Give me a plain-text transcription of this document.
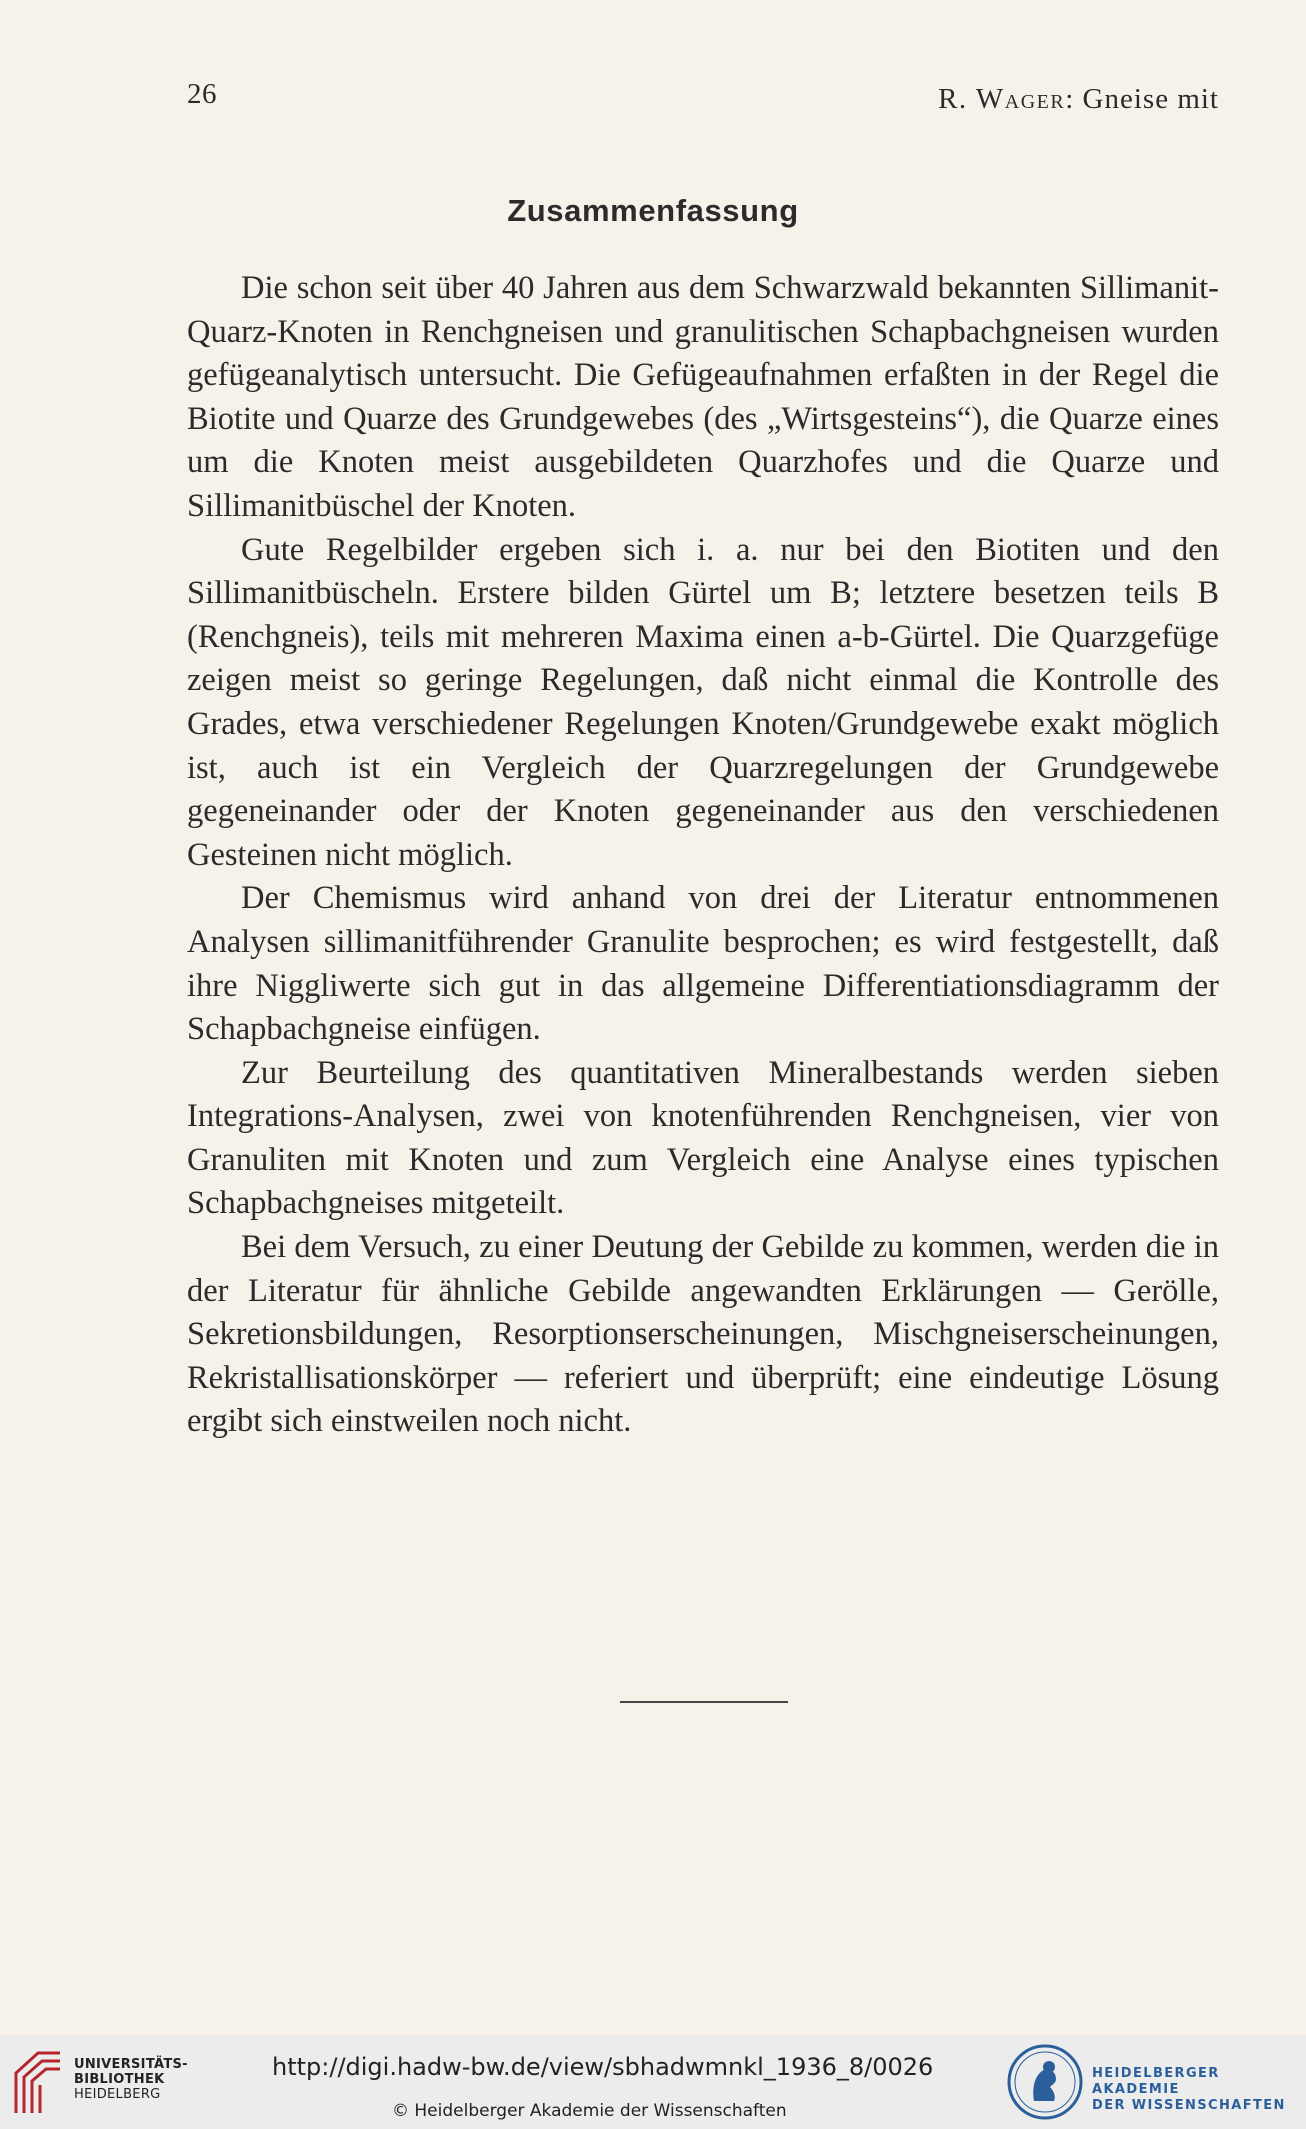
26	R. Wager: Gneise mit
Zusammenfassung

Die schon seit über 40 Jahren aus dem Schwarzwald bekannten Sillimanit-Quarz-Knoten in Renchgneisen und granulitischen Schapbachgneisen wurden gefügeanalytisch untersucht. Die Gefügeaufnahmen erfaßten in der Regel die Biotite und Quarze des Grundgewebes (des „Wirtsgesteins“), die Quarze eines um die Knoten meist ausgebildeten Quarzhofes und die Quarze und Sillimanitbüschel der Knoten.

Gute Regelbilder ergeben sich i. a. nur bei den Biotiten und den Sillimanitbüscheln. Erstere bilden Gürtel um B; letztere besetzen teils B (Renchgneis), teils mit mehreren Maxima einen a-b-Gürtel. Die Quarzgefüge zeigen meist so geringe Regelungen, daß nicht einmal die Kontrolle des Grades, etwa verschiedener Regelungen Knoten/Grundgewebe exakt möglich ist, auch ist ein Vergleich der Quarzregelungen der Grundgewebe gegeneinander oder der Knoten gegeneinander aus den verschiedenen Gesteinen nicht möglich.

Der Chemismus wird anhand von drei der Literatur entnommenen Analysen sillimanitführender Granulite besprochen; es wird festgestellt, daß ihre Niggliwerte sich gut in das allgemeine Differentiationsdiagramm der Schapbachgneise einfügen.

Zur Beurteilung des quantitativen Mineralbestands werden sieben Integrations-Analysen, zwei von knotenführenden Renchgneisen, vier von Granuliten mit Knoten und zum Vergleich eine Analyse eines typischen Schapbachgneises mitgeteilt.

Bei dem Versuch, zu einer Deutung der Gebilde zu kommen, werden die in der Literatur für ähnliche Gebilde angewandten Erklärungen — Gerölle, Sekretionsbildungen, Resorptionserscheinungen, Mischgneiserscheinungen, Rekristallisationskörper — referiert und überprüft; eine eindeutige Lösung ergibt sich einstweilen noch nicht.

UNIVERSITÄTS-
BIBLIOTHEK
HEIDELBERG
http://digi.hadw-bw.de/view/sbhadwmnkl_1936_8/0026
© Heidelberger Akademie der Wissenschaften
HEIDELBERGER AKADEMIE
DER WISSENSCHAFTEN
